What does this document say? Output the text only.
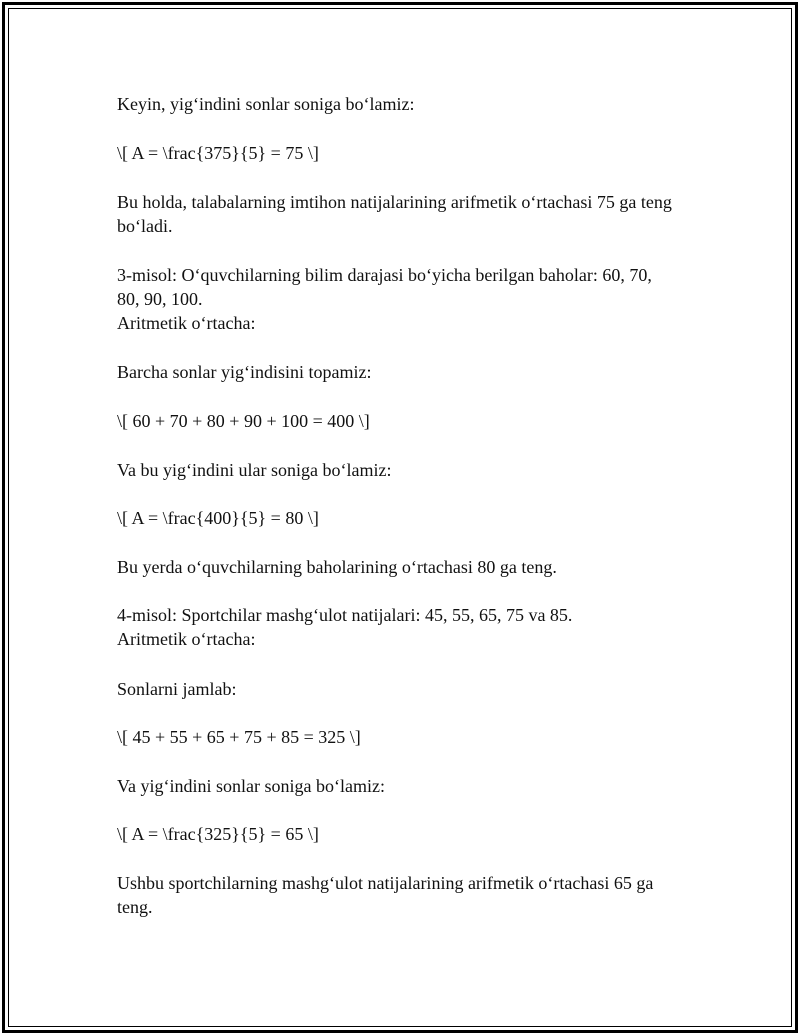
Keyin, yig‘indini sonlar soniga bo‘lamiz:

\[ A = \frac{375}{5} = 75 \]

Bu holda, talabalarning imtihon natijalarining arifmetik o‘rtachasi 75 ga teng

bo‘ladi.

3-misol: O‘quvchilarning bilim darajasi bo‘yicha berilgan baholar: 60, 70,

80, 90, 100.

Aritmetik o‘rtacha:

Barcha sonlar yig‘indisini topamiz:

\[ 60 + 70 + 80 + 90 + 100 = 400 \]

Va bu yig‘indini ular soniga bo‘lamiz:

\[ A = \frac{400}{5} = 80 \]

Bu yerda o‘quvchilarning baholarining o‘rtachasi 80 ga teng.

4-misol: Sportchilar mashg‘ulot natijalari: 45, 55, 65, 75 va 85.

Aritmetik o‘rtacha:

Sonlarni jamlab:

\[ 45 + 55 + 65 + 75 + 85 = 325 \]

Va yig‘indini sonlar soniga bo‘lamiz:

\[ A = \frac{325}{5} = 65 \]

Ushbu sportchilarning mashg‘ulot natijalarining arifmetik o‘rtachasi 65 ga

teng.
